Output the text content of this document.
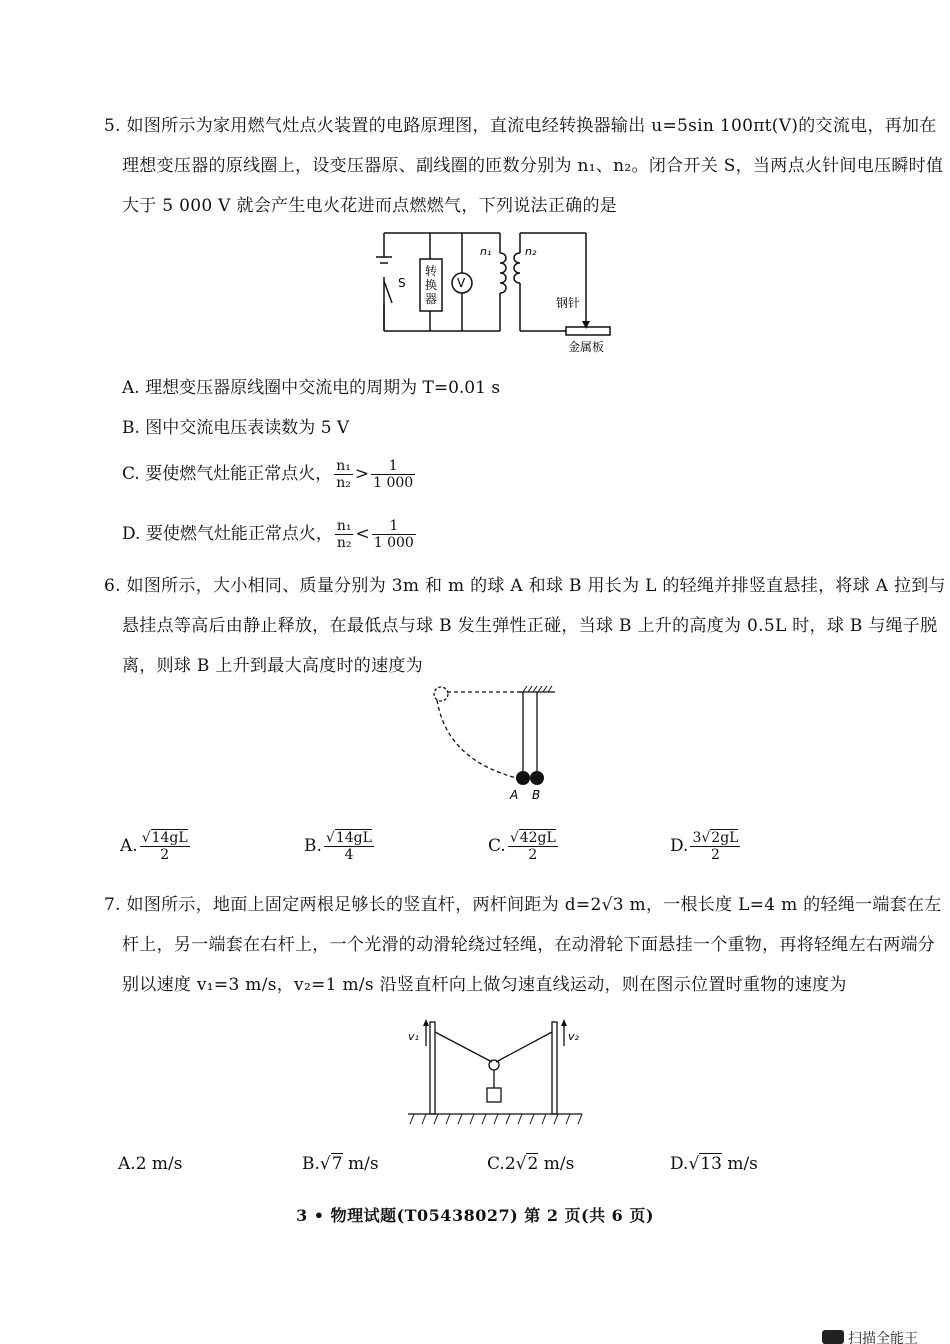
5. 如图所示为家用燃气灶点火装置的电路原理图，直流电经转换器输出 u=5sin 100πt(V)的交流电，再加在
理想变压器的原线圈上，设变压器原、副线圈的匝数分别为 n₁、n₂。闭合开关 S，当两点火针间电压瞬时值
大于 5 000 V 就会产生电火花进而点燃燃气，下列说法正确的是
S
转
换
器
V
n₁	n₂
钢针
金属板
A. 理想变压器原线圈中交流电的周期为 T=0.01 s
B. 图中交流电压表读数为 5 V
C. 要使燃气灶能正常点火， $\frac{\text{n₁}}{\text{n₂}} > \frac{1}{1 000}$
D. 要使燃气灶能正常点火， $\frac{\text{n₁}}{\text{n₂}} < \frac{1}{1 000}$
6. 如图所示，大小相同、质量分别为 3m 和 m 的球 A 和球 B 用长为 L 的轻绳并排竖直悬挂，将球 A 拉到与
悬挂点等高后由静止释放，在最低点与球 B 发生弹性正碰，当球 B 上升的高度为 0.5L 时，球 B 与绳子脱
离，则球 B 上升到最大高度时的速度为
A B
A. $\frac{√14gL}{2}$	B. $\frac{√14gL}{4}$	C. $\frac{√42gL}{2}$	D. $\frac{3√2gL}{2}$
7. 如图所示，地面上固定两根足够长的竖直杆，两杆间距为 d=2√3 m，一根长度 L=4 m 的轻绳一端套在左
杆上，另一端套在右杆上，一个光滑的动滑轮绕过轻绳，在动滑轮下面悬挂一个重物，再将轻绳左右两端分
别以速度 v₁=3 m/s，v₂=1 m/s 沿竖直杆向上做匀速直线运动，则在图示位置时重物的速度为
v₁	v₂
A.2 m/s	B.√7 m/s	C.2√2 m/s	D.√13 m/s
3 • 物理试题(T05438027) 第 2 页(共 6 页)
扫描全能王
